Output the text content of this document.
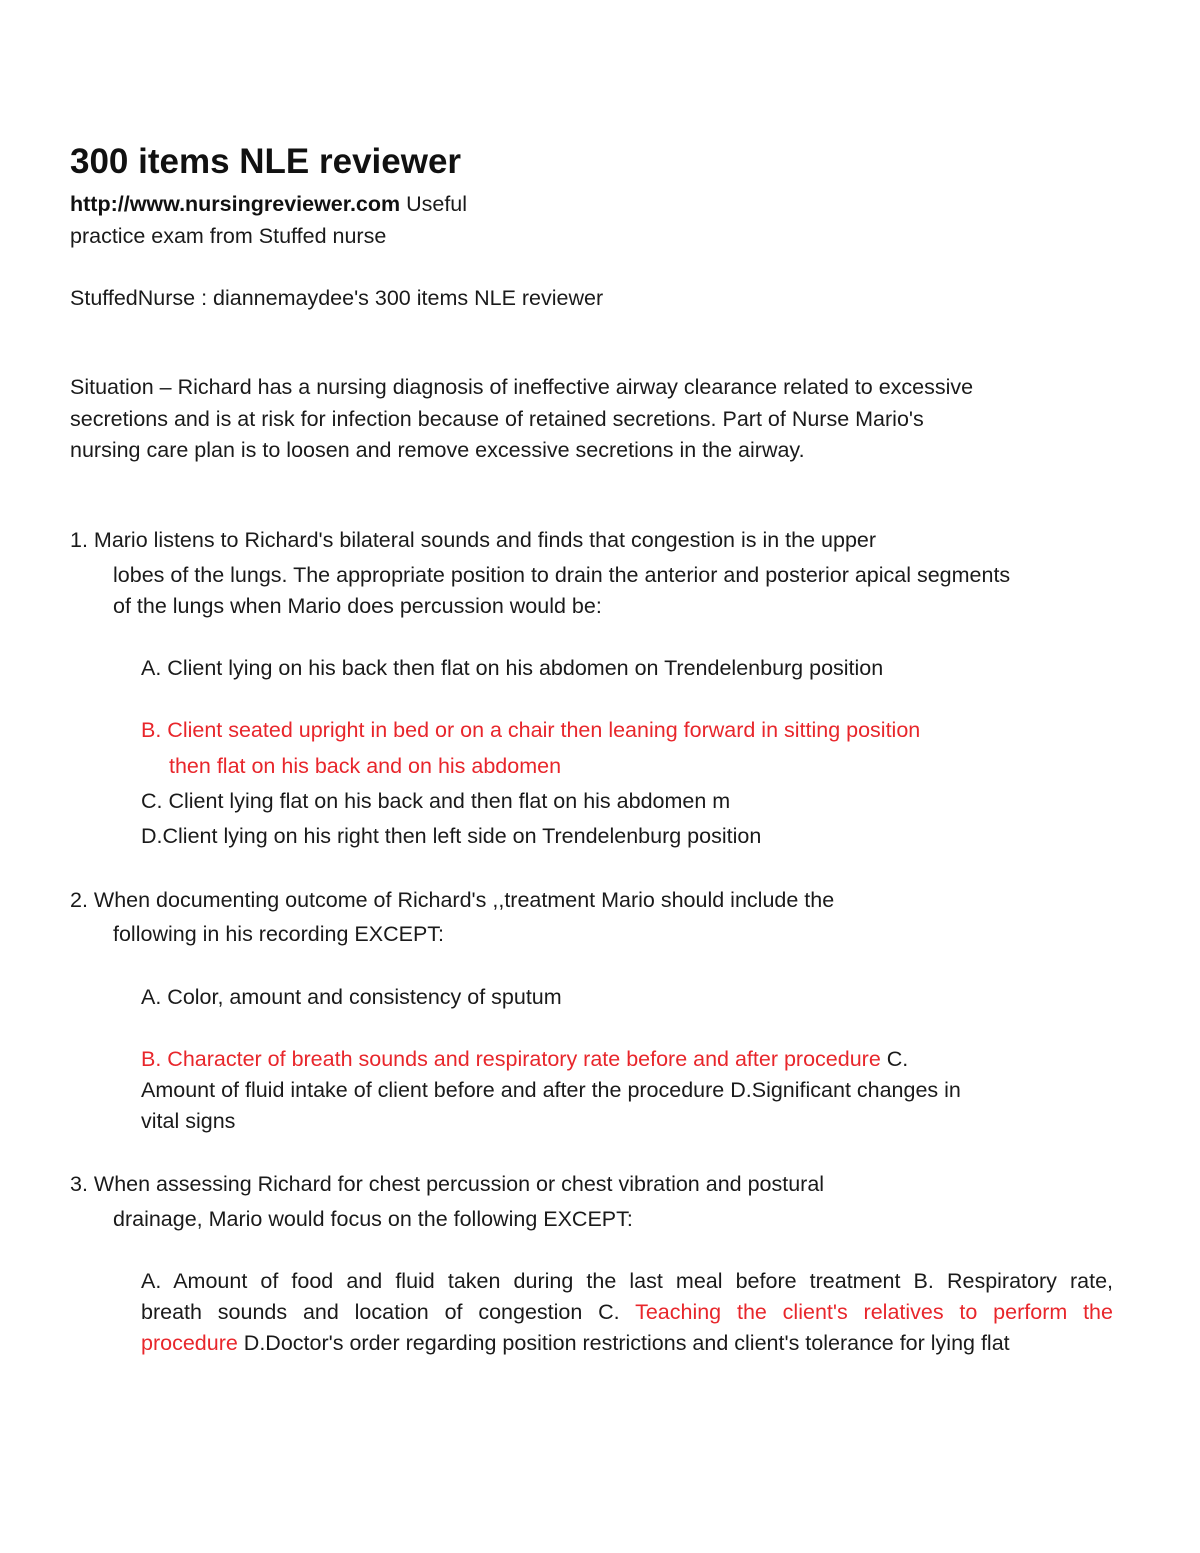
300 items NLE reviewer
http://www.nursingreviewer.com Useful
practice exam from Stuffed nurse
StuffedNurse : diannemaydee's 300 items NLE reviewer
Situation – Richard has a nursing diagnosis of ineffective airway clearance related to excessive
secretions and is at risk for infection because of retained secretions. Part of Nurse Mario's
nursing care plan is to loosen and remove excessive secretions in the airway.
1. Mario listens to Richard's bilateral sounds and finds that congestion is in the upper
lobes of the lungs. The appropriate position to drain the anterior and posterior apical segments
of the lungs when Mario does percussion would be:
A. Client lying on his back then flat on his abdomen on Trendelenburg position
B. Client seated upright in bed or on a chair then leaning forward in sitting position
then flat on his back and on his abdomen
C. Client lying flat on his back and then flat on his abdomen m
D.Client lying on his right then left side on Trendelenburg position
2. When documenting outcome of Richard's ,,treatment Mario should include the
following in his recording EXCEPT:
A. Color, amount and consistency of sputum
B. Character of breath sounds and respiratory rate before and after procedure C.
Amount of fluid intake of client before and after the procedure D.Significant changes in
vital signs
3. When assessing Richard for chest percussion or chest vibration and postural
drainage, Mario would focus on the following EXCEPT:
A. Amount of food and fluid taken during the last meal before treatment B. Respiratory rate,
breath sounds and location of congestion C. Teaching the client's relatives to perform the
procedure D.Doctor's order regarding position restrictions and client's tolerance for lying flat
